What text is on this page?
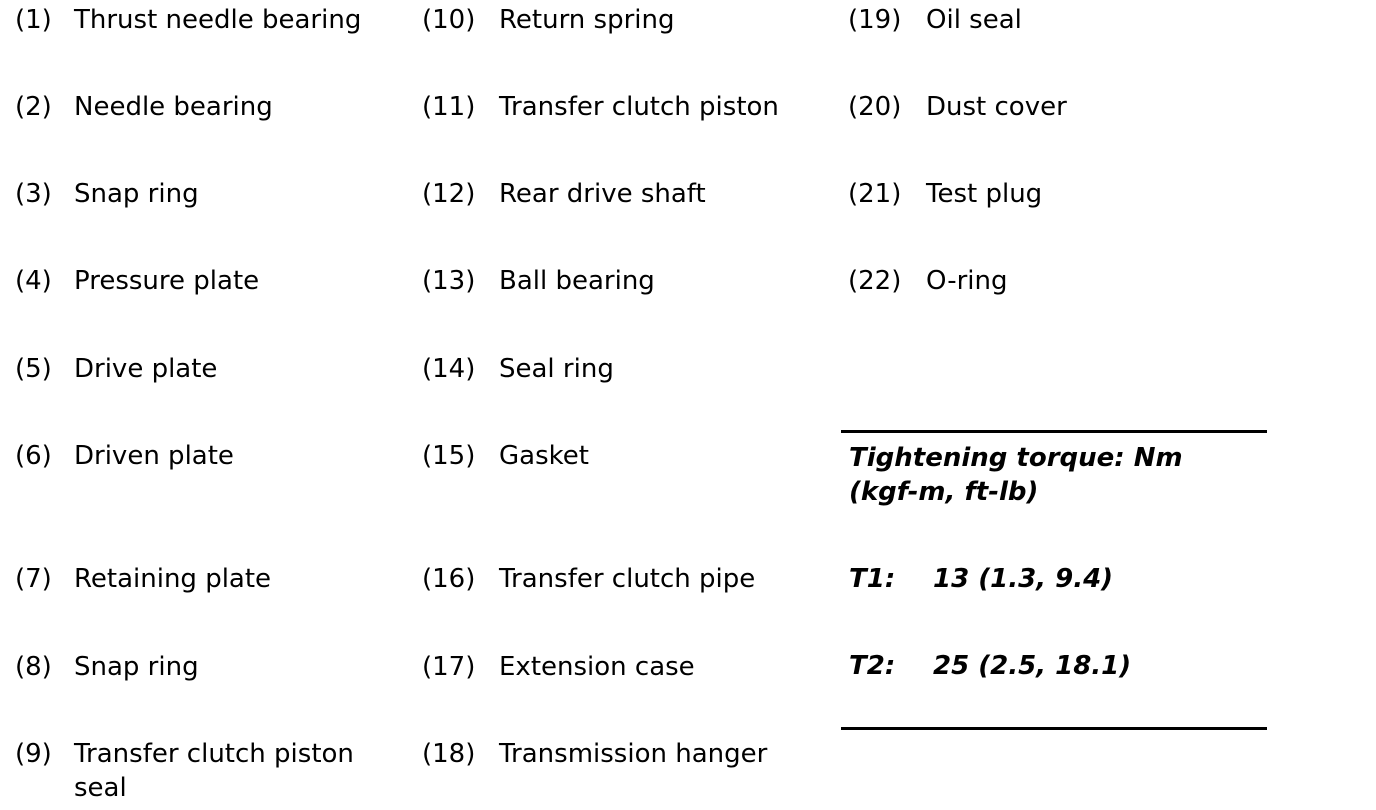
(1) Thrust needle bearing
(2) Needle bearing
(3) Snap ring
(4) Pressure plate
(5) Drive plate
(6) Driven plate
(7) Retaining plate
(8) Snap ring
(9) Transfer clutch piston
seal
(10) Return spring
(11) Transfer clutch piston
(12) Rear drive shaft
(13) Ball bearing
(14) Seal ring
(15) Gasket
(16) Transfer clutch pipe
(17) Extension case
(18) Transmission hanger
(19) Oil seal
(20) Dust cover
(21) Test plug
(22) O-ring
Tightening torque: Nm
(kgf-m, ft-lb)
T1: 13 (1.3, 9.4)
T2: 25 (2.5, 18.1)
